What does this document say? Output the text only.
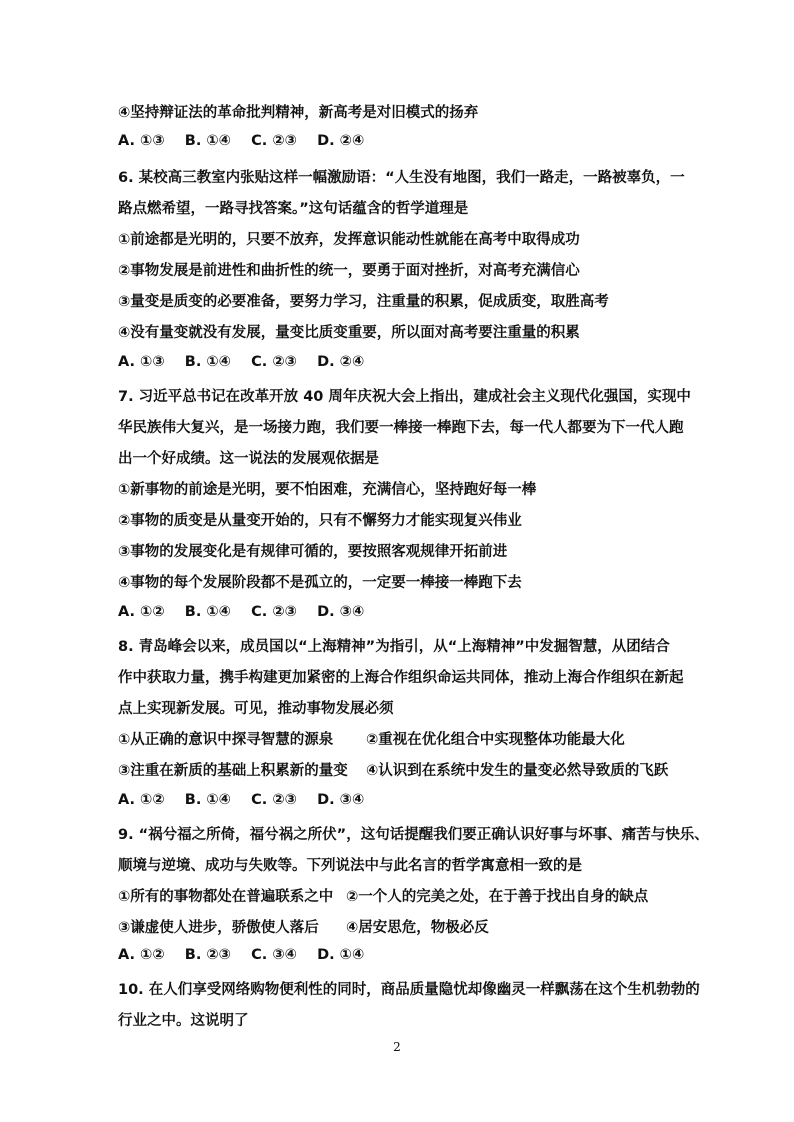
④坚持辩证法的革命批判精神，新高考是对旧模式的扬弃
A. ①③    B. ①④    C. ②③    D. ②④
6. 某校高三教室内张贴这样一幅激励语：“人生没有地图，我们一路走，一路被辜负，一
路点燃希望，一路寻找答案。”这句话蕴含的哲学道理是
①前途都是光明的，只要不放弃，发挥意识能动性就能在高考中取得成功
②事物发展是前进性和曲折性的统一，要勇于面对挫折，对高考充满信心
③量变是质变的必要准备，要努力学习，注重量的积累，促成质变，取胜高考
④没有量变就没有发展，量变比质变重要，所以面对高考要注重量的积累
A. ①③    B. ①④    C. ②③    D. ②④
7. 习近平总书记在改革开放 40 周年庆祝大会上指出，建成社会主义现代化强国，实现中
华民族伟大复兴，是一场接力跑，我们要一棒接一棒跑下去，每一代人都要为下一代人跑
出一个好成绩。这一说法的发展观依据是
①新事物的前途是光明，要不怕困难，充满信心，坚持跑好每一棒
②事物的质变是从量变开始的，只有不懈努力才能实现复兴伟业
③事物的发展变化是有规律可循的，要按照客观规律开拓前进
④事物的每个发展阶段都不是孤立的，一定要一棒接一棒跑下去
A. ①②    B. ①④    C. ②③    D. ③④
8. 青岛峰会以来，成员国以“上海精神”为指引，从“上海精神”中发掘智慧，从团结合
作中获取力量，携手构建更加紧密的上海合作组织命运共同体，推动上海合作组织在新起
点上实现新发展。可见，推动事物发展必须
①从正确的意识中探寻智慧的源泉 ②重视在优化组合中实现整体功能最大化
③注重在新质的基础上积累新的量变 ④认识到在系统中发生的量变必然导致质的飞跃
A. ①②    B. ①④    C. ②③    D. ③④
9. “祸兮福之所倚，福兮祸之所伏”，这句话提醒我们要正确认识好事与坏事、痛苦与快乐、
顺境与逆境、成功与失败等。下列说法中与此名言的哲学寓意相一致的是
①所有的事物都处在普遍联系之中 ②一个人的完美之处，在于善于找出自身的缺点
③谦虚使人进步，骄傲使人落后 ④居安思危，物极必反
A. ①②    B. ②③    C. ③④    D. ①④
10. 在人们享受网络购物便利性的同时，商品质量隐忧却像幽灵一样飘荡在这个生机勃勃的
行业之中。这说明了
2
